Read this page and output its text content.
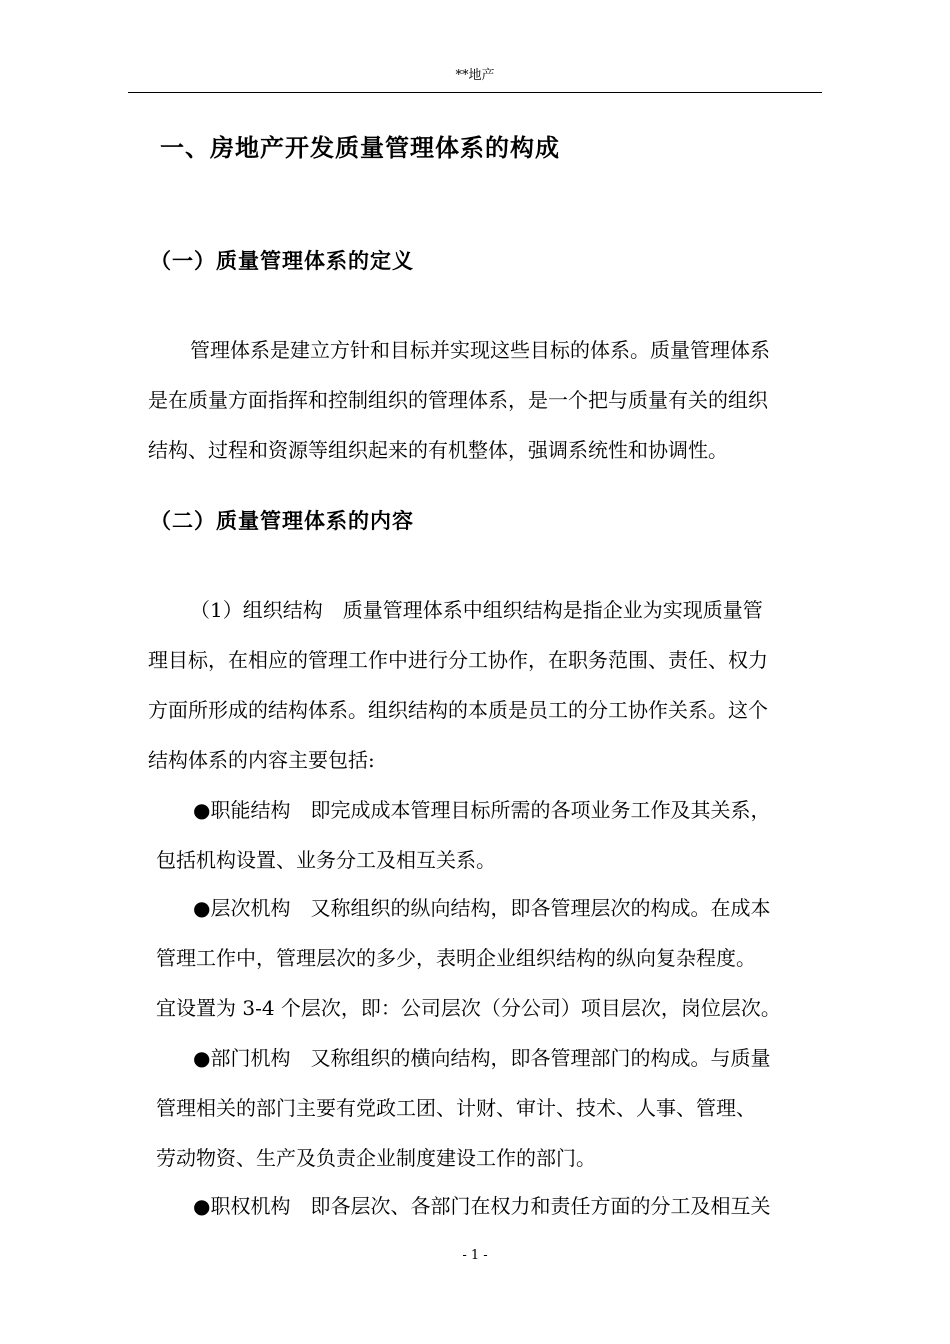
**地产
一、房地产开发质量管理体系的构成
（一）质量管理体系的定义
管理体系是建立方针和目标并实现这些目标的体系。质量管理体系
是在质量方面指挥和控制组织的管理体系，是一个把与质量有关的组织
结构、过程和资源等组织起来的有机整体，强调系统性和协调性。
（二）质量管理体系的内容
（1）组织结构　质量管理体系中组织结构是指企业为实现质量管
理目标，在相应的管理工作中进行分工协作，在职务范围、责任、权力
方面所形成的结构体系。组织结构的本质是员工的分工协作关系。这个
结构体系的内容主要包括:
●职能结构　即完成成本管理目标所需的各项业务工作及其关系，
包括机构设置、业务分工及相互关系。
●层次机构　又称组织的纵向结构，即各管理层次的构成。在成本
管理工作中，管理层次的多少，表明企业组织结构的纵向复杂程度。
宜设置为 3-4 个层次，即：公司层次（分公司）项目层次，岗位层次。
●部门机构　又称组织的横向结构，即各管理部门的构成。与质量
管理相关的部门主要有党政工团、计财、审计、技术、人事、管理、
劳动物资、生产及负责企业制度建设工作的部门。
●职权机构　即各层次、各部门在权力和责任方面的分工及相互关
- 1 -
